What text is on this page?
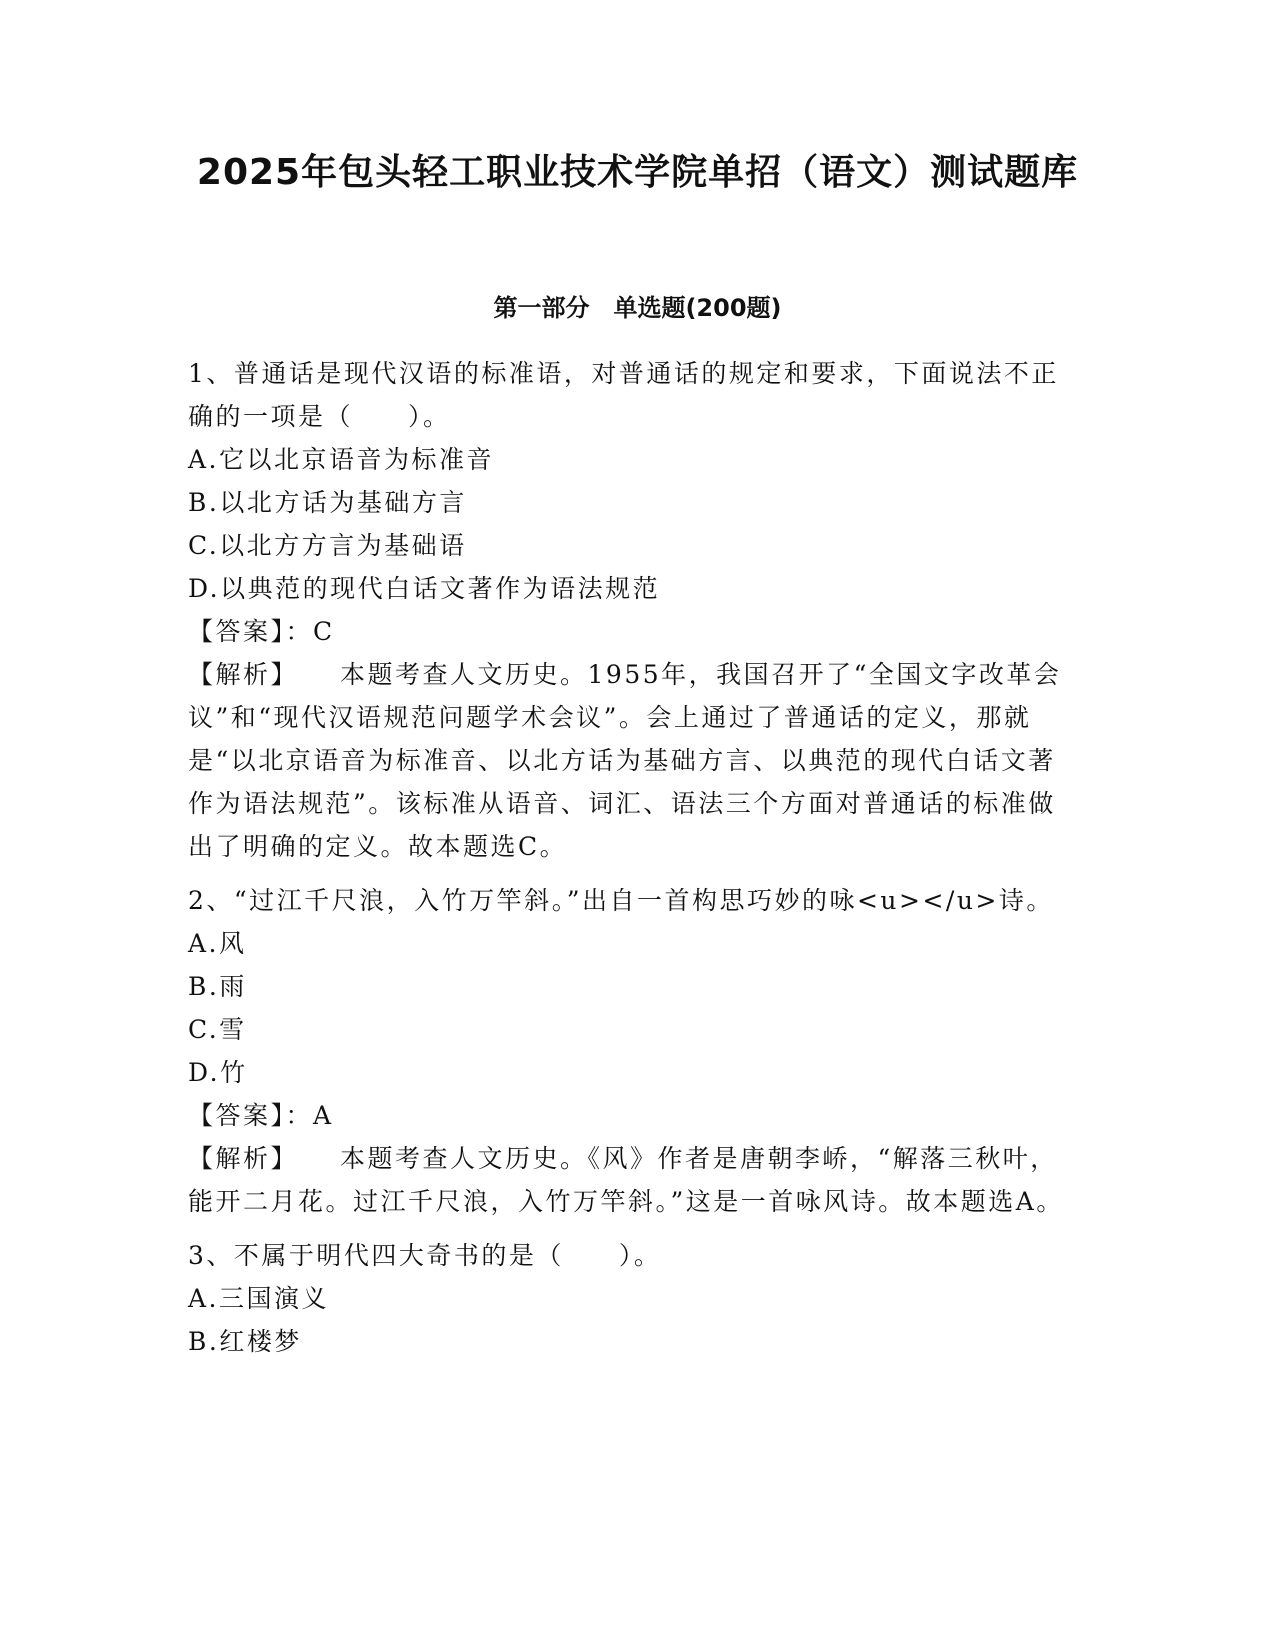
2025年包头轻工职业技术学院单招（语文）测试题库
第一部分　单选题(200题)

1、普通话是现代汉语的标准语，对普通话的规定和要求，下面说法不正确的一项是（　　）。

A.它以北京语音为标准音

B.以北方话为基础方言

C.以北方方言为基础语

D.以典范的现代白话文著作为语法规范

【答案】：C

【解析】 本题考查人文历史。1955年，我国召开了“全国文字改革会议”和“现代汉语规范问题学术会议”。会上通过了普通话的定义，那就是“以北京语音为标准音、以北方话为基础方言、以典范的现代白话文著作为语法规范”。该标准从语音、词汇、语法三个方面对普通话的标准做出了明确的定义。故本题选C。

2、“过江千尺浪，入竹万竿斜。”出自一首构思巧妙的咏<u></u>诗。

A.风

B.雨

C.雪

D.竹

【答案】：A

【解析】 本题考查人文历史。《风》作者是唐朝李峤，“解落三秋叶，能开二月花。过江千尺浪，入竹万竿斜。”这是一首咏风诗。故本题选A。

3、不属于明代四大奇书的是（　　）。

A.三国演义

B.红楼梦
